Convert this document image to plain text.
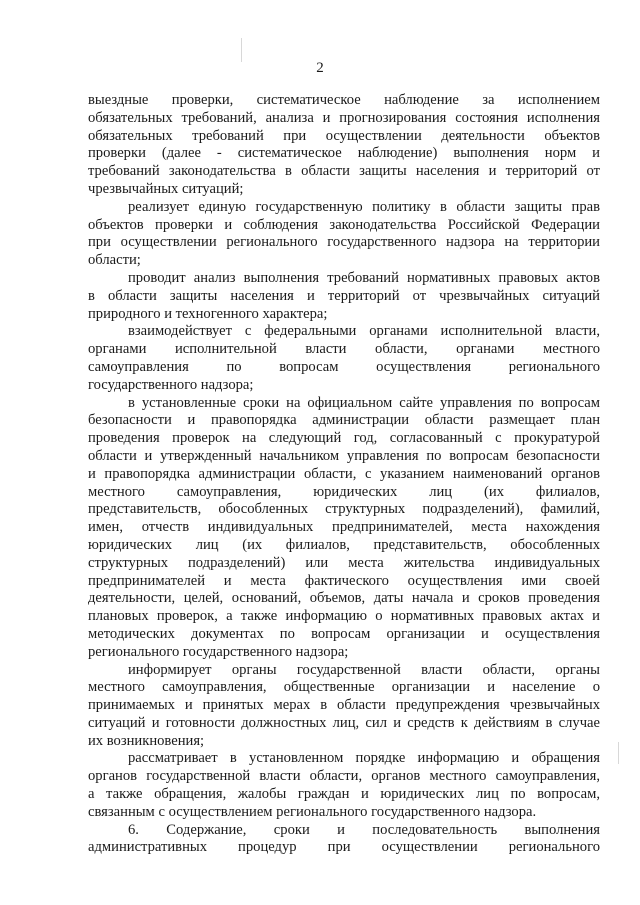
2
выездные проверки, систематическое наблюдение за исполнением
обязательных требований, анализа и прогнозирования состояния исполнения
обязательных требований при осуществлении деятельности объектов
проверки (далее - систематическое наблюдение) выполнения норм и
требований законодательства в области защиты населения и территорий от
чрезвычайных ситуаций;
реализует единую государственную политику в области защиты прав
объектов проверки и соблюдения законодательства Российской Федерации
при осуществлении регионального государственного надзора на территории
области;
проводит анализ выполнения требований нормативных правовых актов
в области защиты населения и территорий от чрезвычайных ситуаций
природного и техногенного характера;
взаимодействует с федеральными органами исполнительной власти,
органами исполнительной власти области, органами местного
самоуправления по вопросам осуществления регионального
государственного надзора;
в установленные сроки на официальном сайте управления по вопросам
безопасности и правопорядка администрации области размещает план
проведения проверок на следующий год, согласованный с прокуратурой
области и утвержденный начальником управления по вопросам безопасности
и правопорядка администрации области, с указанием наименований органов
местного самоуправления, юридических лиц (их филиалов,
представительств, обособленных структурных подразделений), фамилий,
имен, отчеств индивидуальных предпринимателей, места нахождения
юридических лиц (их филиалов, представительств, обособленных
структурных подразделений) или места жительства индивидуальных
предпринимателей и места фактического осуществления ими своей
деятельности, целей, оснований, объемов, даты начала и сроков проведения
плановых проверок, а также информацию о нормативных правовых актах и
методических документах по вопросам организации и осуществления
регионального государственного надзора;
информирует органы государственной власти области, органы
местного самоуправления, общественные организации и население о
принимаемых и принятых мерах в области предупреждения чрезвычайных
ситуаций и готовности должностных лиц, сил и средств к действиям в случае
их возникновения;
рассматривает в установленном порядке информацию и обращения
органов государственной власти области, органов местного самоуправления,
а также обращения, жалобы граждан и юридических лиц по вопросам,
связанным с осуществлением регионального государственного надзора.
6. Содержание, сроки и последовательность выполнения
административных процедур при осуществлении регионального
